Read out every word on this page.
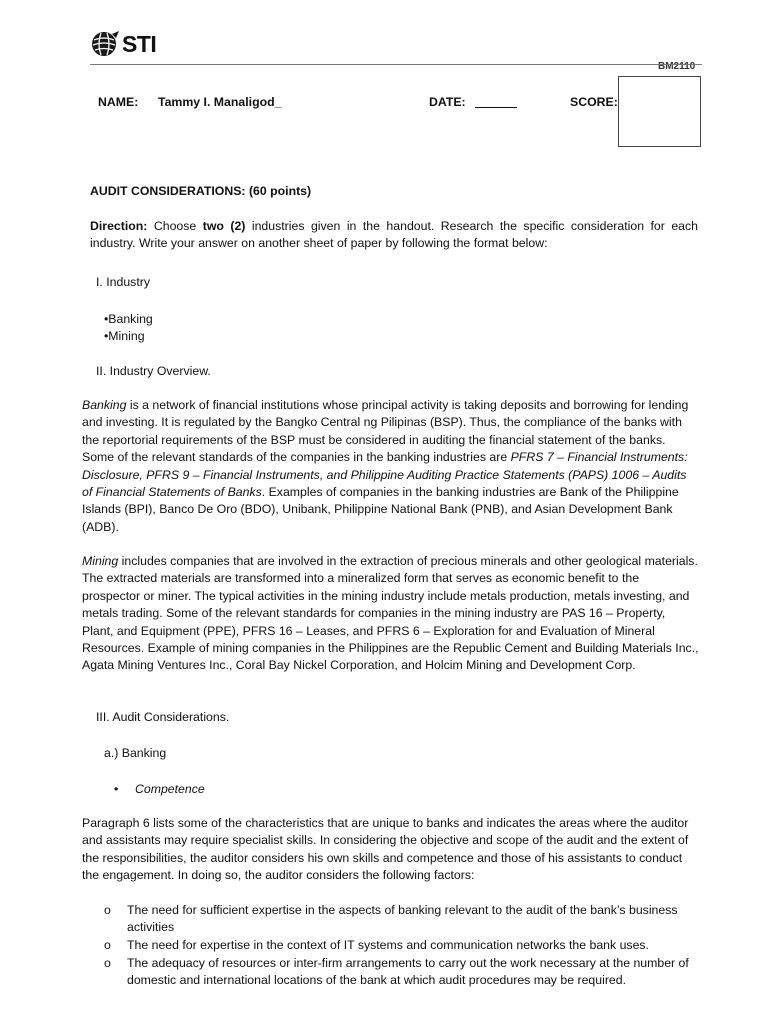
STI
BM2110
NAME: Tammy I. Manaligod_	DATE:	SCORE:
AUDIT CONSIDERATIONS: (60 points)
Direction: Choose two (2) industries given in the handout. Research the specific consideration for each industry. Write your answer on another sheet of paper by following the format below:
I. Industry
•Banking
•Mining
II. Industry Overview.
Banking is a network of financial institutions whose principal activity is taking deposits and borrowing for lending and investing. It is regulated by the Bangko Central ng Pilipinas (BSP). Thus, the compliance of the banks with the reportorial requirements of the BSP must be considered in auditing the financial statement of the banks. Some of the relevant standards of the companies in the banking industries are PFRS 7 – Financial Instruments: Disclosure, PFRS 9 – Financial Instruments, and Philippine Auditing Practice Statements (PAPS) 1006 – Audits of Financial Statements of Banks. Examples of companies in the banking industries are Bank of the Philippine Islands (BPI), Banco De Oro (BDO), Unibank, Philippine National Bank (PNB), and Asian Development Bank (ADB).
Mining includes companies that are involved in the extraction of precious minerals and other geological materials. The extracted materials are transformed into a mineralized form that serves as economic benefit to the prospector or miner. The typical activities in the mining industry include metals production, metals investing, and metals trading. Some of the relevant standards for companies in the mining industry are PAS 16 – Property, Plant, and Equipment (PPE), PFRS 16 – Leases, and PFRS 6 – Exploration for and Evaluation of Mineral Resources. Example of mining companies in the Philippines are the Republic Cement and Building Materials Inc., Agata Mining Ventures Inc., Coral Bay Nickel Corporation, and Holcim Mining and Development Corp.
III. Audit Considerations.
a.) Banking
• Competence
Paragraph 6 lists some of the characteristics that are unique to banks and indicates the areas where the auditor and assistants may require specialist skills. In considering the objective and scope of the audit and the extent of the responsibilities, the auditor considers his own skills and competence and those of his assistants to conduct the engagement. In doing so, the auditor considers the following factors:
o The need for sufficient expertise in the aspects of banking relevant to the audit of the bank’s business activities
o The need for expertise in the context of IT systems and communication networks the bank uses.
o The adequacy of resources or inter-firm arrangements to carry out the work necessary at the number of domestic and international locations of the bank at which audit procedures may be required.
